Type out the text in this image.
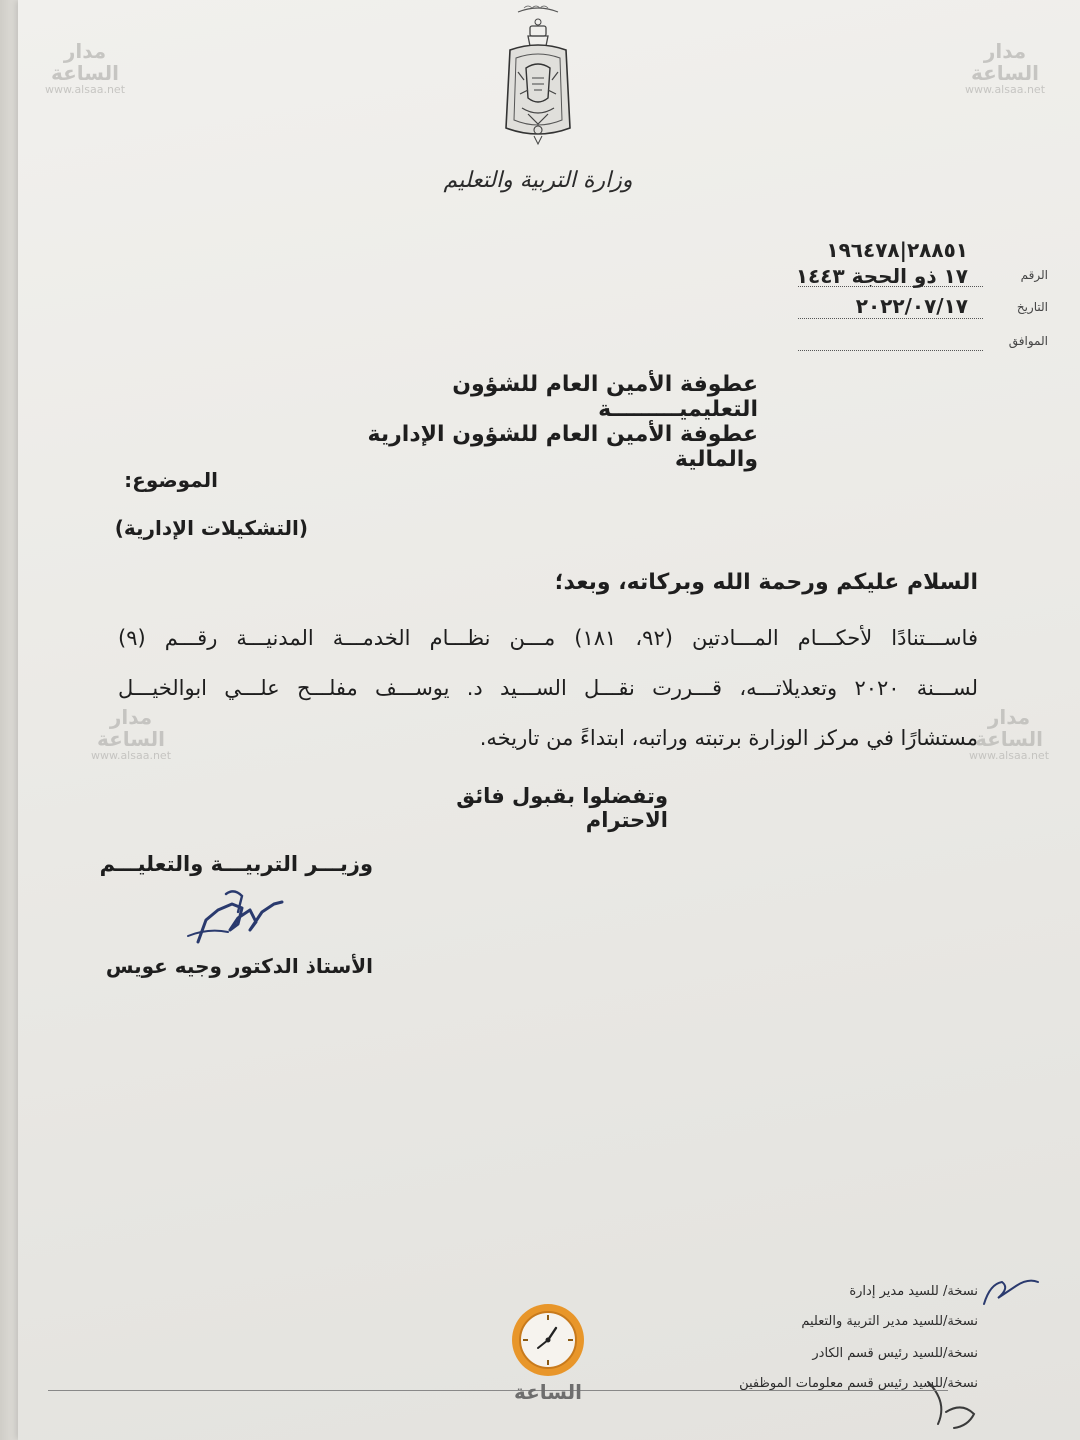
مدار الساعة
www.alsaa.net
مدار الساعة
www.alsaa.net
مدار الساعة
www.alsaa.net
مدار الساعة
www.alsaa.net
وزارة التربية والتعليم
٢٨٨٥١|١٩٦٤٧٨
الرقم
١٧ ذو الحجة ١٤٤٣
التاريخ
٢٠٢٢/٠٧/١٧
الموافق
عطوفة الأمين العام للشؤون التعليميـــــــــة
عطوفة الأمين العام للشؤون الإدارية والمالية
الموضوع:
(التشكيلات الإدارية)
السلام عليكم ورحمة الله وبركاته، وبعد؛
فاســـتنادًا لأحكـــام المـــادتين (٩٢، ١٨١) مـــن نظـــام الخدمـــة المدنيـــة رقـــم (٩)
لســـنة ٢٠٢٠ وتعديلاتـــه، قـــررت نقـــل الســـيد د. يوســـف مفلـــح علـــي ابوالخيـــل
مستشارًا في مركز الوزارة برتبته وراتبه، ابتداءً من تاريخه.
وتفضلوا بقبول فائق الاحترام
وزيـــر التربيـــة والتعليـــم
الأستاذ الدكتور وجيه عويس
نسخة/ للسيد مدير إدارة
نسخة/للسيد مدير التربية والتعليم
نسخة/للسيد رئيس قسم الكادر
نسخة/للسيد رئيس قسم معلومات الموظفين
الساعة
